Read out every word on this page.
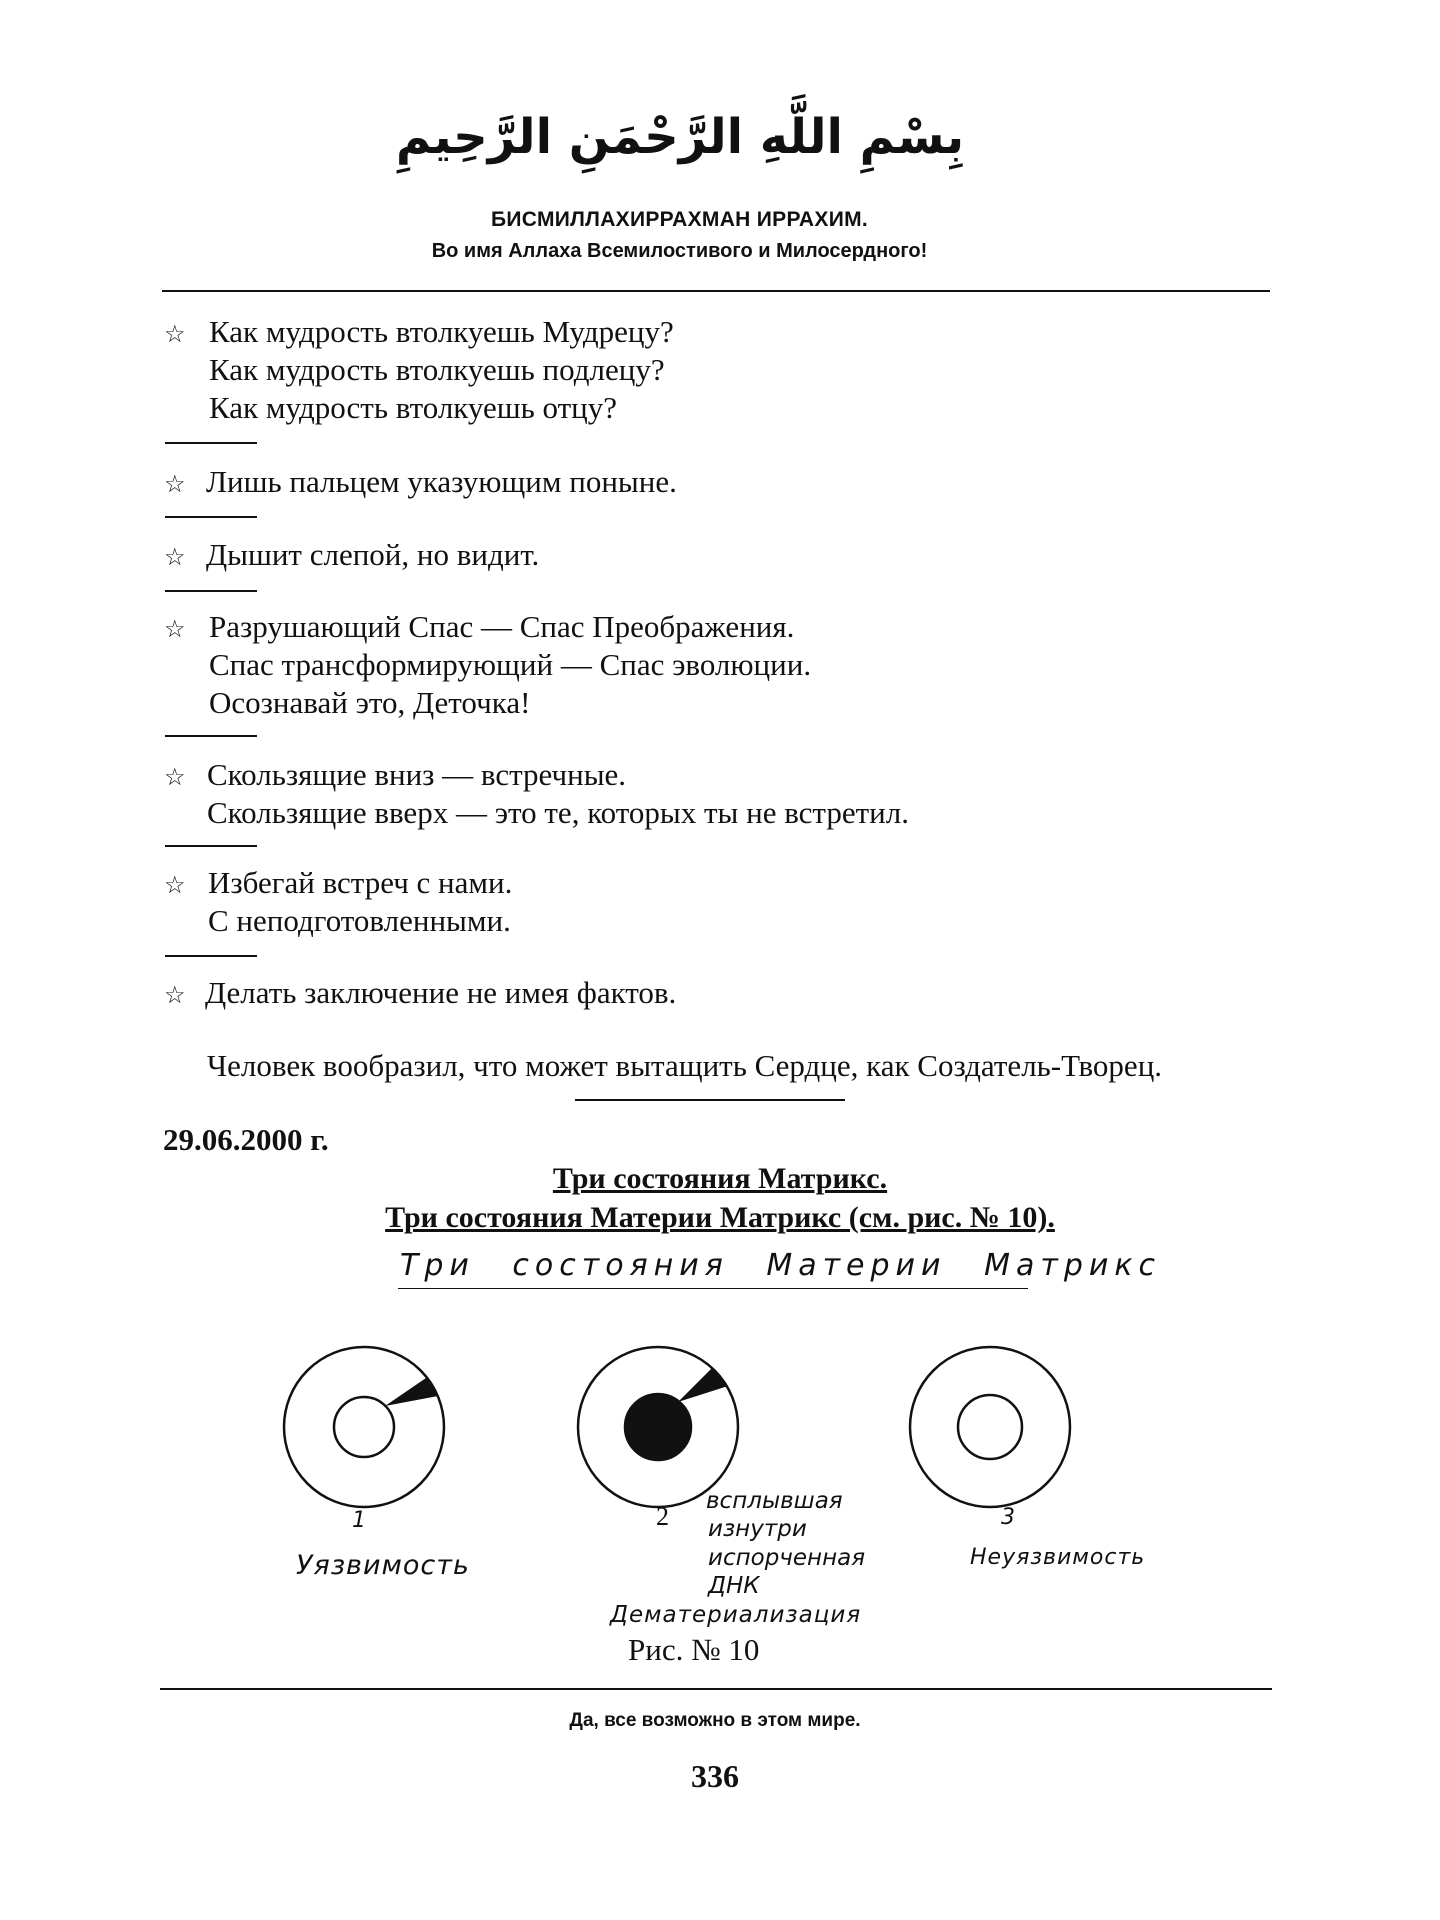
بِسْمِ اللَّهِ الرَّحْمَنِ الرَّحِيمِ
БИСМИЛЛАХИРРАХМАН ИРРАХИМ.
Во имя Аллаха Всемилостивого и Милосердного!
☆ Как мудрость втолкуешь Мудрецу?
Как мудрость втолкуешь подлецу?
Как мудрость втолкуешь отцу?
☆ Лишь пальцем указующим поныне.
☆ Дышит слепой, но видит.
☆ Разрушающий Спас — Спас Преображения.
Спас трансформирующий — Спас эволюции.
Осознавай это, Деточка!
☆ Скользящие вниз — встречные.
Скользящие вверх — это те, которых ты не встретил.
☆ Избегай встреч с нами.
С неподготовленными.
☆ Делать заключение не имея фактов.
Человек вообразил, что может вытащить Сердце, как Создатель-Творец.
29.06.2000 г.
Три состояния Матрикс.
Три состояния Материи Матрикс (см. рис. № 10).
Три состояния Материи Матрикс
1
Уязвимость
2
всплывшая
изнутри
испорченная
ДНК
Дематериализация
3
Неуязвимость
Рис. № 10
Да, все возможно в этом мире.
336
